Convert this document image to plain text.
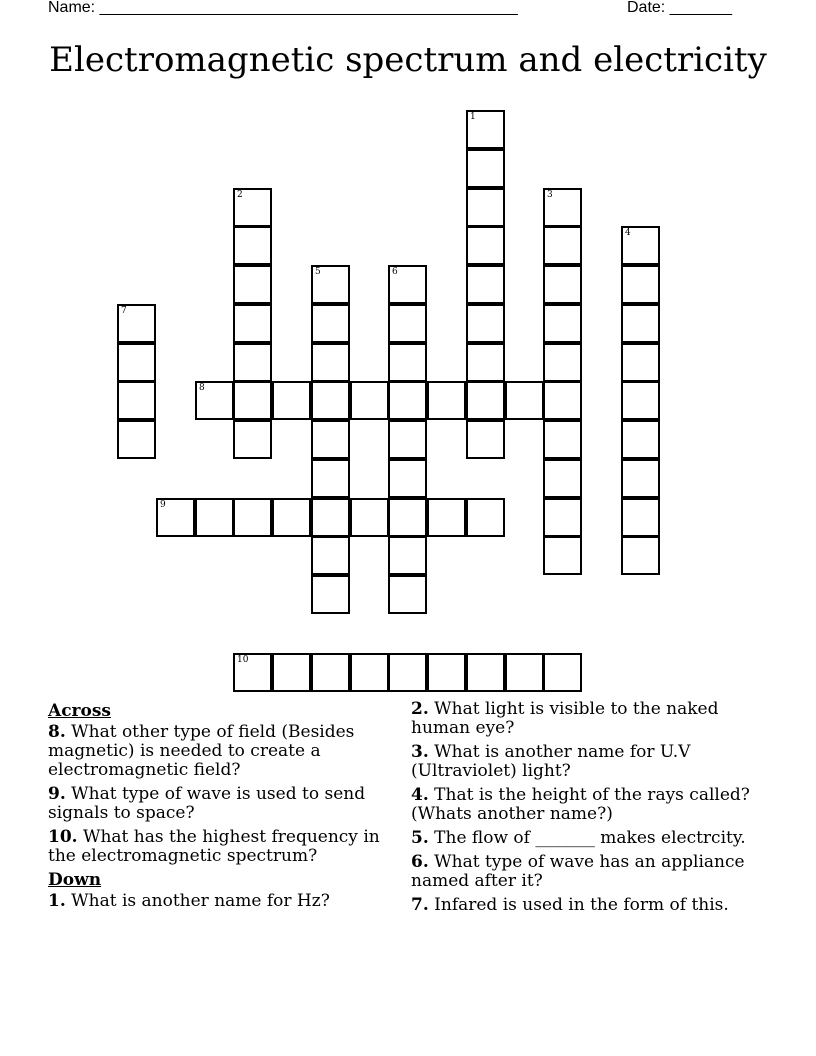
Name: _______________________________________________	Date: _______
Electromagnetic spectrum and electricity
1
2	3
4
5	6
7
8
9
10
Across
8. What other type of field (Besides magnetic) is needed to create a electromagnetic field?
9. What type of wave is used to send signals to space?
10. What has the highest frequency in the electromagnetic spectrum?
Down
1. What is another name for Hz?
2. What light is visible to the naked human eye?
3. What is another name for U.V (Ultraviolet) light?
4. That is the height of the rays called? (Whats another name?)
5. The flow of _______ makes electrcity.
6. What type of wave has an appliance named after it?
7. Infared is used in the form of this.
